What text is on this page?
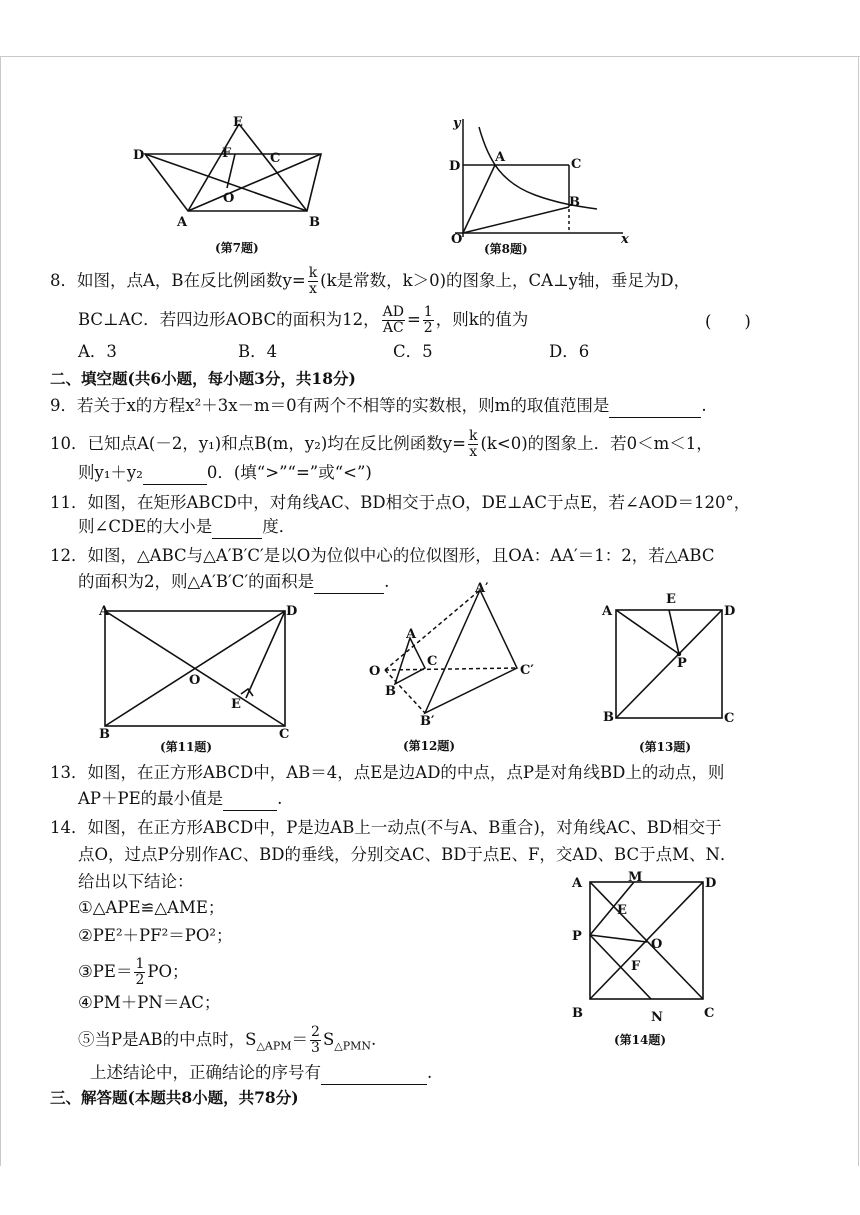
E
D	F	C
O
A	B
(第7题)
y
D
A	C
B
O	x
(第8题)
8．如图，点A，B在反比例函数$y= \frac{k}{x} (k$是常数，k＞0)的图象上，CA⊥y轴，垂足为D，
BC⊥AC．若四边形AOBC的面积为12， $\frac{AD}{AC} = \frac{1}{2}$ ，则k的值为	(　　)
A．3	B．4	C．5	D．6
二、填空题(共6小题，每小题3分，共18分)
9．若关于x的方程x²＋3x－m＝0有两个不相等的实数根，则m的取值范围是	.
10．已知点A(－2，y₁)和点B(m，y₂)均在反比例函数$y= \frac{k}{x} (k<0)$的图象上．若0＜m＜1，
则y₁＋y₂	0．(填“>”“=”或“<”)
11．如图，在矩形ABCD中，对角线AC、BD相交于点O，DE⊥AC于点E，若∠AOD＝120°，
则∠CDE的大小是	度．
12．如图，△ABC与△A′B′C′是以O为位似中心的位似图形，且OA：AA′＝1：2，若△ABC
的面积为2，则△A′B′C′的面积是	.
A	D
O
E
B	C
(第11题)
A′
A
C
O	C′
B
B′
(第12题)
A
E
D
P
B	C
(第13题)
13．如图，在正方形ABCD中，AB＝4，点E是边AD的中点，点P是对角线BD上的动点，则
AP＋PE的最小值是	.
14．如图，在正方形ABCD中，P是边AB上一动点(不与A、B重合)，对角线AC、BD相交于
点O，过点P分别作AC、BD的垂线，分别交AC、BD于点E、F，交AD、BC于点M、N．
给出以下结论：
①△APE≌△AME；
②PE²＋PF²＝PO²；
③PE＝ $\frac{1}{2}$ PO；
④PM＋PN＝AC；
⑤当P是AB的中点时，$S_{\triangle APM}= \frac{2}{3} S_{\triangle PMN}$.
上述结论中，正确结论的序号有	.
A	M	D
E
P
O
F
B	N	C
(第14题)
三、解答题(本题共8小题，共78分)
